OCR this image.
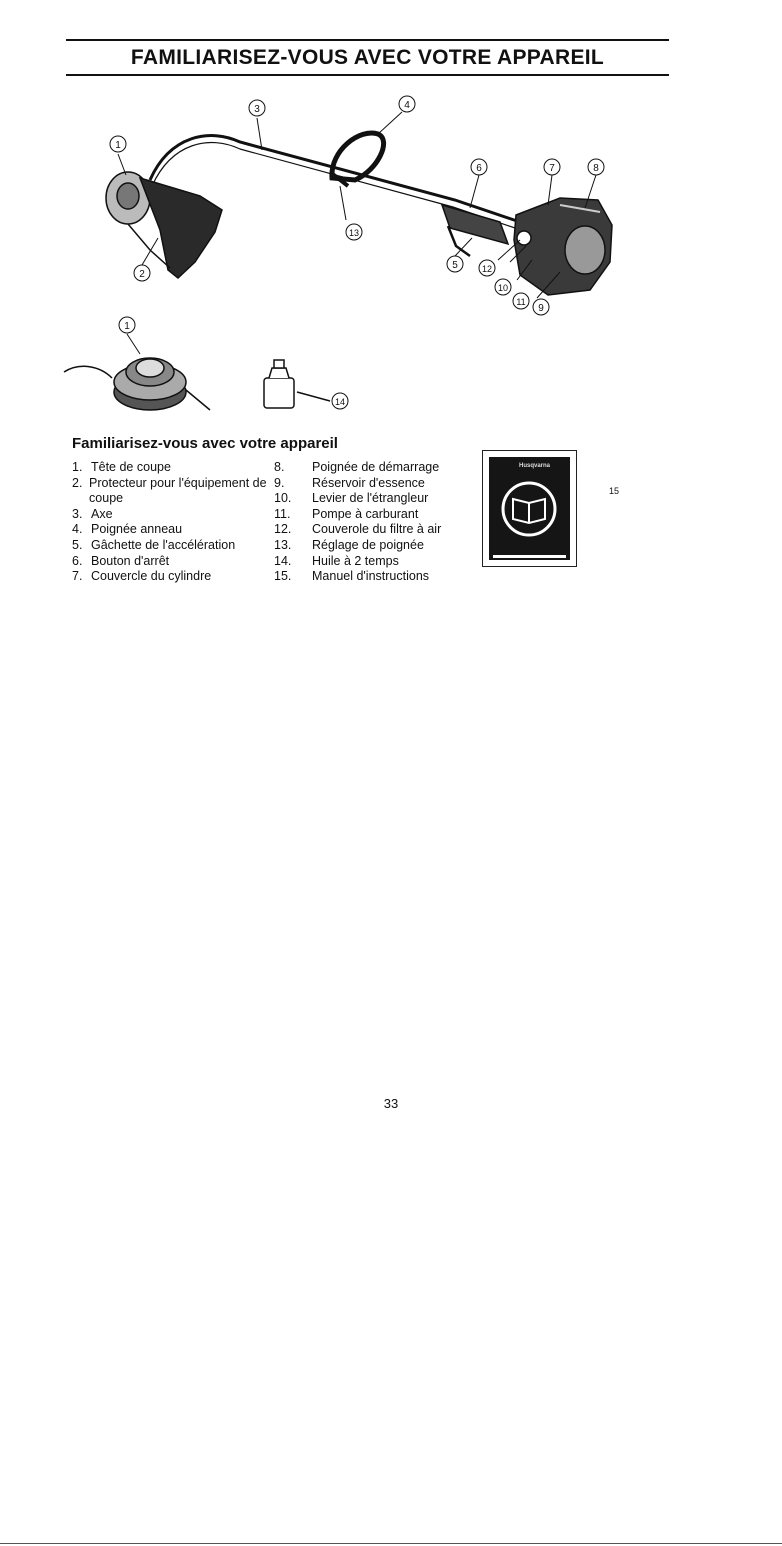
FAMILIARISEZ-VOUS AVEC VOTRE APPAREIL
1
2
3	4
5
6	7	8
9
10
11
12
13
1
14
Familiarisez-vous avec votre appareil
1. Tête de coupe
2. Protecteur pour l'équipement de coupe
3. Axe
4. Poignée anneau
5. Gâchette de l'accélération
6. Bouton d'arrêt
7. Couvercle du cylindre
8.	Poignée de démarrage
9.	Réservoir d'essence
10.	Levier de l'étrangleur
11.	Pompe à carburant
12.	Couverole du filtre à air
13.	Réglage de poignée
14.	Huile à 2 temps
15.	Manuel d'instructions
Husqvarna
15
33
